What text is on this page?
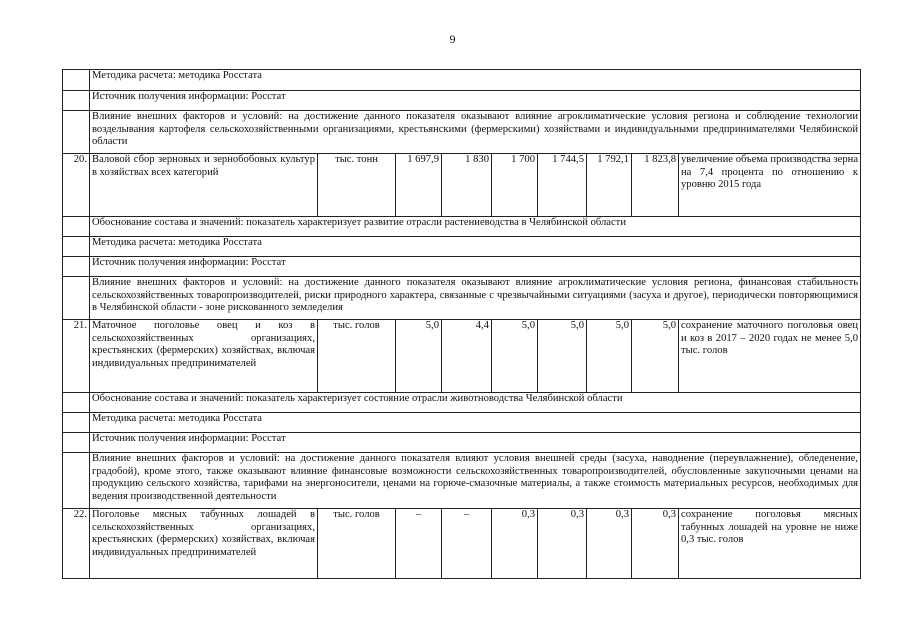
9
	Методика расчета: методика Росстата								
	Источник получения информации: Росстат								
	Влияние внешних факторов и условий: на достижение данного показателя оказывают влияние агроклиматические условия региона и соблюдение технологии возделывания картофеля сельскохозяйственными организациями, крестьянскими (фермерскими) хозяйствами и индивидуальными предпринимателями Челябинской области								
20.	Валовой сбор зерновых и зернобобовых культур в хозяйствах всех категорий	тыс. тонн	1 697,9	1 830	1 700	1 744,5	1 792,1	1 823,8	увеличение объема производства зерна на 7,4 процента по отношению к уровню 2015 года
	Обоснование состава и значений: показатель характеризует развитие отрасли растениеводства в Челябинской области								
	Методика расчета: методика Росстата								
	Источник получения информации: Росстат								
	Влияние внешних факторов и условий: на достижение данного показателя оказывают влияние агроклиматические условия региона, финансовая стабильность сельскохозяйственных товаропроизводителей, риски природного характера, связанные с чрезвычайными ситуациями (засуха и другое), периодически повторяющимися в Челябинской области - зоне рискованного земледелия								
21.	Маточное поголовье овец и коз в сельскохозяйственных организациях, крестьянских (фермерских) хозяйствах, включая индивидуальных предпринимателей	тыс. голов	5,0	4,4	5,0	5,0	5,0	5,0	сохранение маточного поголовья овец и коз в 2017 – 2020 годах не менее 5,0 тыс. голов
	Обоснование состава и значений: показатель характеризует состояние отрасли животноводства Челябинской области								
	Методика расчета: методика Росстата								
	Источник получения информации: Росстат								
	Влияние внешних факторов и условий: на достижение данного показателя влияют условия внешней среды (засуха, наводнение (переувлажнение), обледенение, градобой), кроме этого, также оказывают влияние финансовые возможности сельскохозяйственных товаропроизводителей, обусловленные закупочными ценами на продукцию сельского хозяйства, тарифами на энергоносители, ценами на горюче-смазочные материалы, а также стоимость материальных ресурсов, необходимых для ведения производственной деятельности								
22.	Поголовье мясных табунных лошадей в сельскохозяйственных организациях, крестьянских (фермерских) хозяйствах, включая индивидуальных предпринимателей	тыс. голов	–	–	0,3	0,3	0,3	0,3	сохранение поголовья мясных табунных лошадей на уровне не ниже 0,3 тыс. голов
